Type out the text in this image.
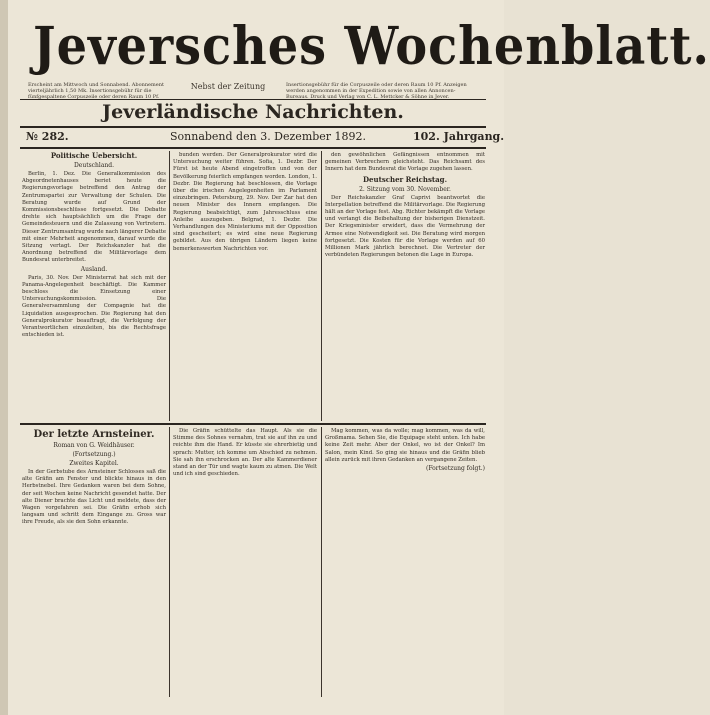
Jeversches Wochenblatt.
Erscheint am Mittwoch und Sonnabend. Abonnement vierteljährlich 1,50 Mk. Insertionsgebühr für die fünfgespaltene Corpuszeile oder deren Raum 10 Pf.
Nebst der Zeitung	Insertionsgebühr für die Corpuszeile oder deren Raum 10 Pf. Anzeigen werden angenommen in der Expedition sowie von allen Annoncen-Bureaus. Druck und Verlag von C. L. Mettcker & Söhne in Jever.
Jeverländische Nachrichten.
№ 282.	Sonnabend den 3. Dezember 1892.	102. Jahrgang.
Politische Uebersicht.
Deutschland.

Berlin, 1. Dez. Die Generalkommission des Abgeordnetenhauses beriet heute die Regierungsvorlage betreffend den Antrag der Zentrumspartei zur Verwaltung der Schulen. Die Beratung wurde auf Grund der Kommissionsbeschlüsse fortgesetzt. Die Debatte drehte sich hauptsächlich um die Frage der Gemeindesteuern und die Zulassung von Vertretern. Dieser Zentrumsantrag wurde nach längerer Debatte mit einer Mehrheit angenommen, darauf wurde die Sitzung vertagt. Der Reichskanzler hat die Anordnung betreffend die Militärvorlage dem Bundesrat unterbreitet.

Ausland.

Paris, 30. Nov. Der Ministerrat hat sich mit der Panama-Angelegenheit beschäftigt. Die Kammer beschloss die Einsetzung einer Untersuchungskommission. Die Generalversammlung der Compagnie hat die Liquidation ausgesprochen. Die Regierung hat den Generalprokurator beauftragt, die Verfolgung der Verantwortlichen einzuleiten, bis die Rechtsfrage entschieden ist.

bunden werden. Der Generalprokurator wird die Untersuchung weiter führen. Sofia, 1. Dezbr. Der Fürst ist heute Abend eingetroffen und von der Bevölkerung feierlich empfangen worden. London, 1. Dezbr. Die Regierung hat beschlossen, die Vorlage über die irischen Angelegenheiten im Parlament einzubringen. Petersburg, 29. Nov. Der Zar hat den neuen Minister des Innern empfangen. Die Regierung beabsichtigt, zum Jahresschluss eine Anleihe auszugeben. Belgrad, 1. Dezbr. Die Verhandlungen des Ministeriums mit der Opposition sind gescheitert; es wird eine neue Regierung gebildet. Aus den übrigen Ländern liegen keine bemerkenswerten Nachrichten vor.

den gewöhnlichen Gefängnissen entnommen mit gemeinen Verbrechern gleichsteht. Das Reichsamt des Innern hat dem Bundesrat die Vorlage zugehen lassen.

Deutscher Reichstag.
2. Sitzung vom 30. November.

Der Reichskanzler Graf Caprivi beantwortet die Interpellation betreffend die Militärvorlage. Die Regierung hält an der Vorlage fest. Abg. Richter bekämpft die Vorlage und verlangt die Beibehaltung der bisherigen Dienstzeit. Der Kriegsminister erwidert, dass die Vermehrung der Armee eine Notwendigkeit sei. Die Beratung wird morgen fortgesetzt. Die Kosten für die Vorlage werden auf 60 Millionen Mark jährlich berechnet. Die Vertreter der verbündeten Regierungen betonen die Lage in Europa.

Der letzte Arnsteiner.
Roman von G. Weidhäuser.
(Fortsetzung.)
Zweites Kapitel.

In der Gerbstube des Arnsteiner Schlosses saß die alte Gräfin am Fenster und blickte hinaus in den Herbstnebel. Ihre Gedanken waren bei dem Sohne, der seit Wochen keine Nachricht gesendet hatte. Der alte Diener brachte das Licht und meldete, dass der Wagen vorgefahren sei. Die Gräfin erhob sich langsam und schritt dem Eingange zu. Gross war ihre Freude, als sie den Sohn erkannte.

Die Gräfin schüttelte das Haupt. Als sie die Stimme des Sohnes vernahm, trat sie auf ihn zu und reichte ihm die Hand. Er küsste sie ehrerbietig und sprach: Mutter, ich komme um Abschied zu nehmen. Sie sah ihn erschrocken an. Der alte Kammerdiener stand an der Tür und wagte kaum zu atmen. Die Welt und ich sind geschieden.

Mag kommen, was da wolle; mag kommen, was da will, Großmama. Sehen Sie, die Equipage steht unten. Ich habe keine Zeit mehr. Aber der Onkel, wo ist der Onkel? Im Salon, mein Kind. So ging sie hinaus und die Gräfin blieb allein zurück mit ihren Gedanken an vergangene Zeiten.

(Fortsetzung folgt.)
